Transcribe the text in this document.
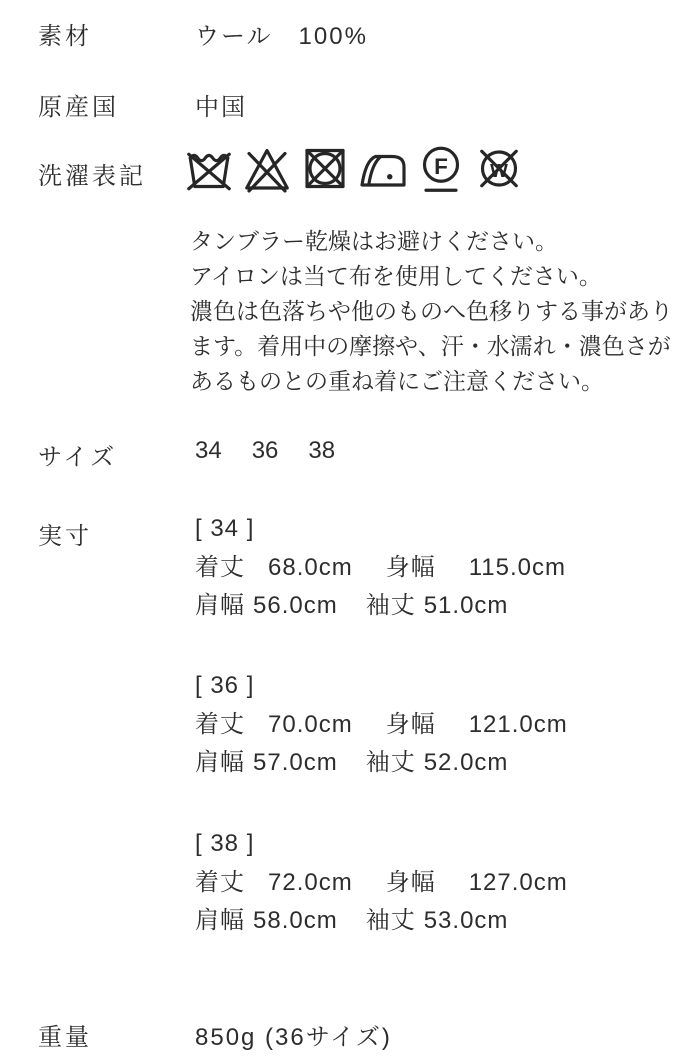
素材	ウール　100%
原産国	中国
洗濯表記	F	W

タンブラー乾燥はお避けください。

アイロンは当て布を使用してください。

濃色は色落ちや他のものへ色移りする事があります。着用中の摩擦や、汗・水濡れ・濃色さがあるものとの重ね着にご注意ください。

サイズ	34 36 38
実寸	[ 34 ]
着丈 68.0cm 身幅 115.0cm
肩幅 56.0cm 袖丈 51.0cm
[ 36 ]
着丈 70.0cm 身幅 121.0cm
肩幅 57.0cm 袖丈 52.0cm
[ 38 ]
着丈 72.0cm 身幅 127.0cm
肩幅 58.0cm 袖丈 53.0cm
重量	850g (36サイズ)
